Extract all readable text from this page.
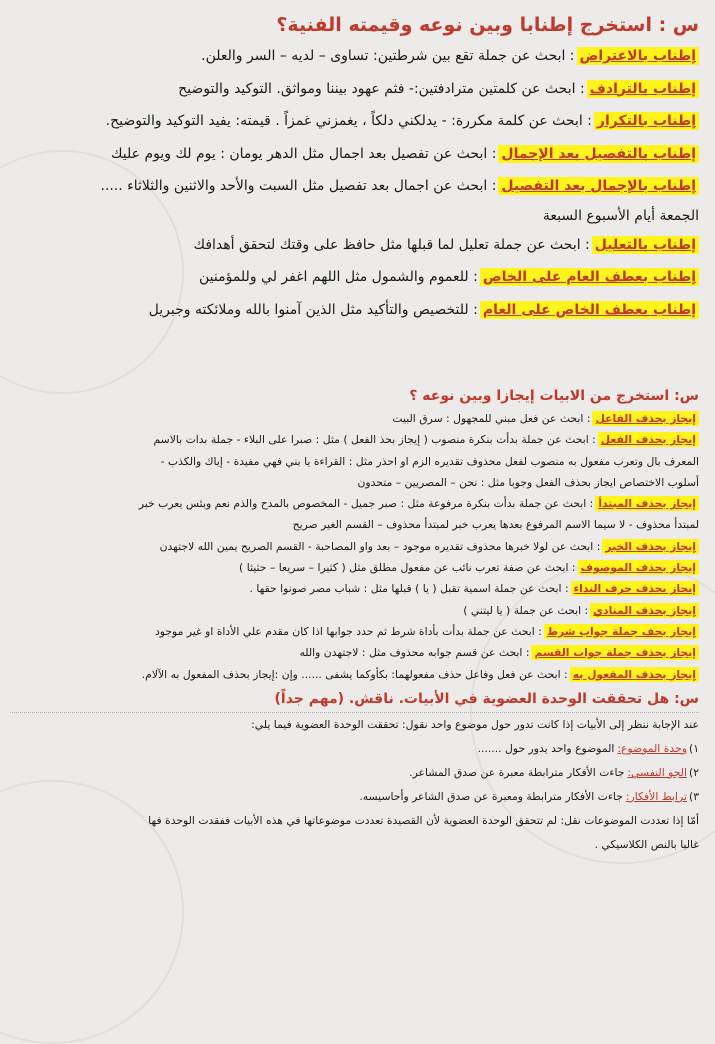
س : استخرج إطنابا وبين نوعه وقيمته الفنية؟

إطناب بالاعتراض: ابحث عن جملة تقع بين شرطتين: تساوى – لديه – السر والعلن.

إطناب بالترادف: ابحث عن كلمتين مترادفتين:- فثم عهود بيننا ومواثق. التوكيد والتوضيح

إطناب بالتكرار: ابحث عن كلمة مكررة: - يدلكني دلكاً ، يغمزني غمزاً . قيمته: يفيد التوكيد والتوضيح.

إطناب بالتفصيل بعد الإجمال: ابحث عن تفصيل بعد اجمال مثل الدهر يومان : يوم لك ويوم عليك

إطناب بالإجمال بعد التفصيل: ابحث عن اجمال بعد تفصيل مثل السبت والأحد والاثنين والثلاثاء .....

الجمعة أيام الأسبوع السبعة

إطناب بالتعليل: ابحث عن جملة تعليل لما قبلها مثل حافظ على وقتك لتحقق أهدافك

إطناب بعطف العام على الخاص: للعموم والشمول مثل اللهم اغفر لي وللمؤمنين

إطناب بعطف الخاص على العام: للتخصيص والتأكيد مثل الذين آمنوا بالله وملائكته وجبريل

س: استخرج من الابيات إيجازا وبين نوعه ؟

إيجاز بحذف الفاعل: ابحث عن فعل مبني للمجهول : سرق البيت

إيجاز بحذف الفعل: ابحث عن جملة بدأت بنكرة منصوب ( إيجاز بحذ الفعل ) مثل : صبرا على البلاء - جملة بدات بالاسم

المعرف بال وتعرب مفعول به منصوب لفعل محذوف تقديره الزم او احذر مثل : القراءة يا بني فهي مفيدة - إياك والكذب -

أسلوب الاختصاص ايجاز بحذف الفعل وجوبا مثل : نحن – المصريين – متحدون

إيجاز بحذف المبتدأ: ابحث عن جملة بدأت بنكرة مرفوعة مثل : صبر جميل - المخصوص بالمدح والذم نعم وبئس يعرب خبر

لمبتدأ محذوف - لا سيما الاسم المرفوع بعدها يعرب خبر لمبتدأ محذوف – القسم الغير صريح

إيجاز بحذف الخبر: ابحث عن لولا خبرها محذوف تقديره موجود – بعد واو المصاحبة - القسم الصريح يمين الله لاجتهدن

إيجاز بحذف الموصوف: ابحث عن صفة تعرب نائب عن مفعول مطلق مثل ( كثيرا – سريعا – حثيثا )

إيجاز بحذف حرف النداء: ابحث عن جملة اسمية تقبل ( يا ) قبلها مثل : شباب مصر صونوا حقها .

إيجاز بحذف المنادي: ابحث عن جملة ( يا ليتني )

إيجاز بحف جملة جواب شرط: ابحث عن جملة بدأت بأداة شرط ثم حدد جوابها اذا كان مقدم علي الأداة او غير موجود

إيجاز بحذف جملة جواب القسم: ابحث عن قسم جوابه محذوف مثل : لاجتهدن والله

إيجاز بحذف المفعول به: ابحث عن فعل وفاعل حذف مفعولهما: بكأوكما يشفى ...... وإن :إيجاز بحذف المفعول به الآلام.

س: هل تحققت الوحدة العضوية في الأبيات. ناقش. (مهم جداً)

عند الإجابة ننظر إلى الأبيات إذا كانت تدور حول موضوع واحد نقول: تحققت الوحدة العضوية فيما يلي:

١)وحدة الموضوع:الموضوع واحد يدور حول .......

٢)الجو النفسي:جاءت الأفكار مترابطة معبرة عن صدق المشاعر.

٣)ترابط الأفكار:جاءت الأفكار مترابطة ومعبرة عن صدق الشاعر وأحاسيسه.

أمّا إذا تعددت الموضوعات نقل: لم تتحقق الوحدة العضوية لأن القصيدة تعددت موضوعاتها في هذه الأبيات ففقدت الوحدة فها

غالبا بالنص الكلاسيكي .
